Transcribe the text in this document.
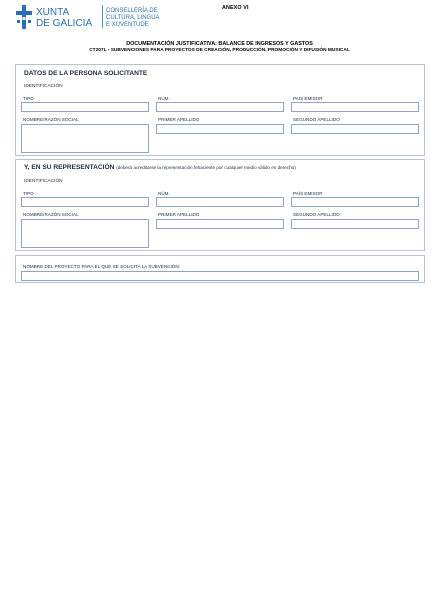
XUNTA
DE GALICIA
CONSELLERÍA DE
CULTURA, LINGUA
E XUVENTUDE
ANEXO VI
DOCUMENTACIÓN JUSTIFICATIVA: BALANCE DE INGRESOS Y GASTOS
CT207L - SUBVENCIONES PARA PROYECTOS DE CREACIÓN, PRODUCCIÓN, PROMOCIÓN Y DIFUSIÓN MUSICAL
DATOS DE LA PERSONA SOLICITANTE
IDENTIFICACIÓN
TIPO	NÚM.	PAÍS EMISOR
NOMBRE/RAZÓN SOCIAL	PRIMER APELLIDO	SEGUNDO APELLIDO
Y, EN SU REPRESENTACIÓN (deberá acreditarse la representación fehaciente por cualquier medio válido en derecho)
IDENTIFICACIÓN
TIPO	NÚM.	PAÍS EMISOR
NOMBRE/RAZÓN SOCIAL	PRIMER APELLIDO	SEGUNDO APELLIDO
NOMBRE DEL PROYECTO PARA EL QUE SE SOLICITA LA SUBVENCIÓN:
